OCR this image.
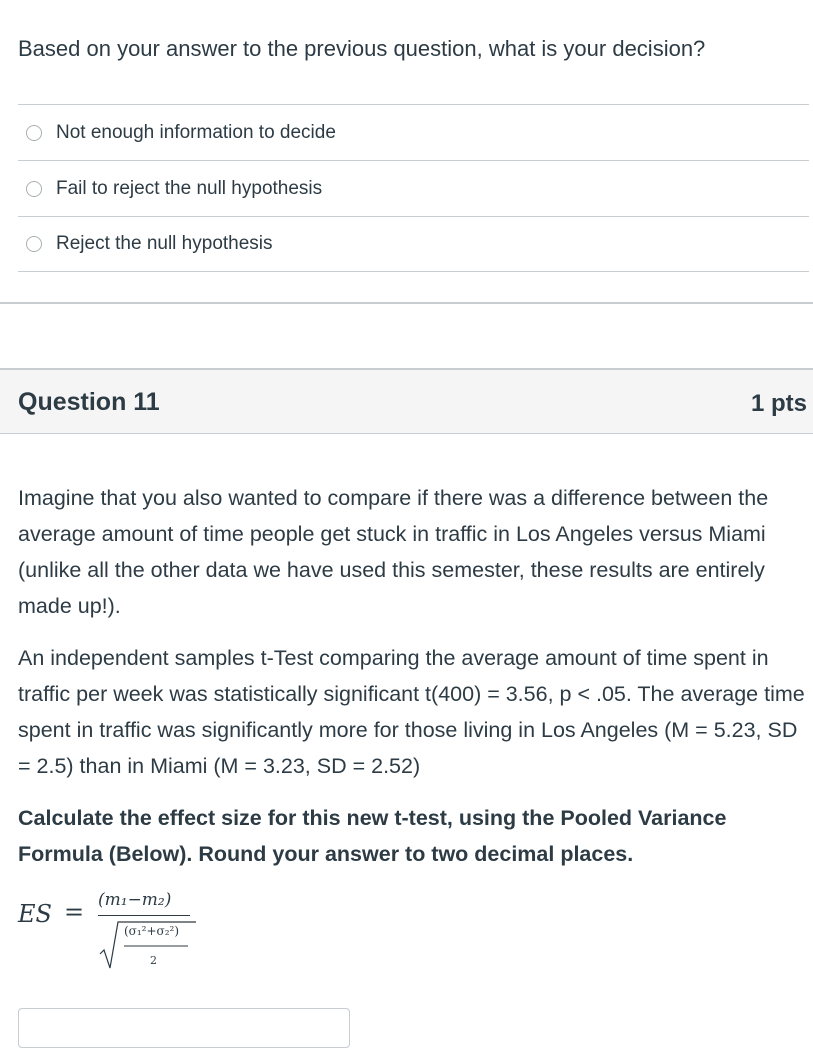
Based on your answer to the previous question, what is your decision?
Not enough information to decide
Fail to reject the null hypothesis
Reject the null hypothesis
Question 11	1 pts
Imagine that you also wanted to compare if there was a difference between the average amount of time people get stuck in traffic in Los Angeles versus Miami (unlike all the other data we have used this semester, these results are entirely made up!).
An independent samples t-Test comparing the average amount of time spent in traffic per week was statistically significant t(400) = 3.56, p < .05. The average time spent in traffic was significantly more for those living in Los Angeles (M = 5.23, SD = 2.5) than in Miami (M = 3.23, SD = 2.52)
Calculate the effect size for this new t-test, using the Pooled Variance Formula (Below). Round your answer to two decimal places.
ES = (m₁−m₂)
(σ₁²+σ₂²)
2
